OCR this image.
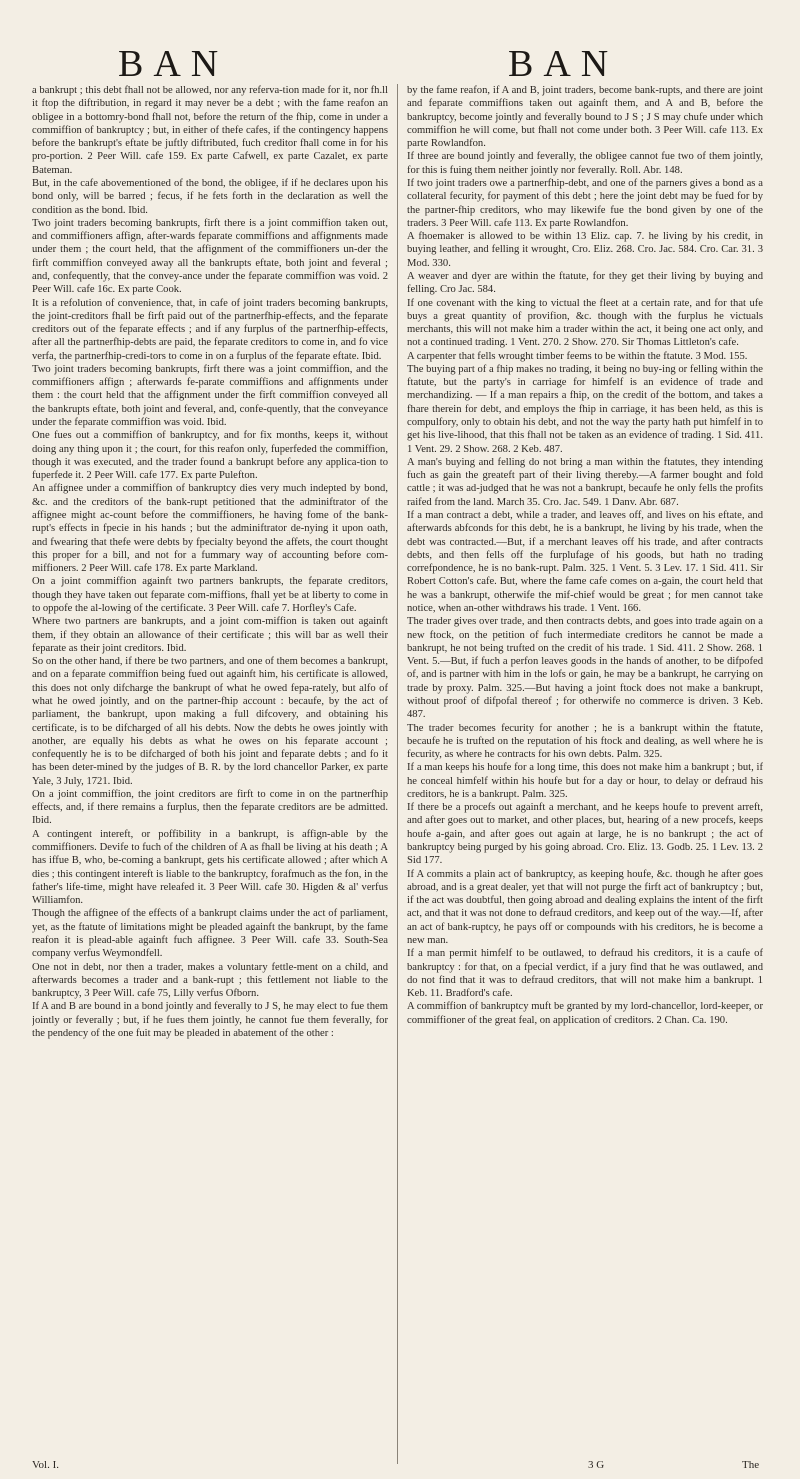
BAN	BAN

a bankrupt ; this debt fhall not be allowed, nor any referva-tion made for it, nor fh.ll it ftop the diftribution, in regard it may never be a debt ; with the fame reafon an obligee in a bottomry-bond fhall not, before the return of the fhip, come in under a commiffion of bankruptcy ; but, in either of thefe cafes, if the contingency happens before the bankrupt's eftate be juftly diftributed, fuch creditor fhall come in for his pro-portion. 2 Peer Will. cafe 159. Ex parte Cafwell, ex parte Cazalet, ex parte Bateman.

But, in the cafe abovementioned of the bond, the obligee, if if he declares upon his bond only, will be barred ; fecus, if he fets forth in the declaration as well the condition as the bond. Ibid.

Two joint traders becoming bankrupts, firft there is a joint commiffion taken out, and commiffioners affign, after-wards feparate commiffions and affignments made under them ; the court held, that the affignment of the commiffioners un-der the firft commiffion conveyed away all the bankrupts eftate, both joint and feveral ; and, confequently, that the convey-ance under the feparate commiffion was void. 2 Peer Will. cafe 16c. Ex parte Cook.

It is a refolution of convenience, that, in cafe of joint traders becoming bankrupts, the joint-creditors fhall be firft paid out of the partnerfhip-effects, and the feparate creditors out of the feparate effects ; and if any furplus of the partnerfhip-effects, after all the partnerfhip-debts are paid, the feparate creditors to come in, and fo vice verfa, the partnerfhip-credi-tors to come in on a furplus of the feparate eftate. Ibid.

Two joint traders becoming bankrupts, firft there was a joint commiffion, and the commiffioners affign ; afterwards fe-parate commiffions and affignments under them : the court held that the affignment under the firft commiffion conveyed all the bankrupts eftate, both joint and feveral, and, confe-quently, that the conveyance under the feparate commiffion was void. Ibid.

One fues out a commiffion of bankruptcy, and for fix months, keeps it, without doing any thing upon it ; the court, for this reafon only, fuperfeded the commiffion, though it was executed, and the trader found a bankrupt before any applica-tion to fuperfede it. 2 Peer Will. cafe 177. Ex parte Pulefton.

An affignee under a commiffion of bankruptcy dies very much indepted by bond, &c. and the creditors of the bank-rupt petitioned that the adminiftrator of the affignee might ac-count before the commiffioners, he having fome of the bank-rupt's effects in fpecie in his hands ; but the adminiftrator de-nying it upon oath, and fwearing that thefe were debts by fpecialty beyond the affets, the court thought this proper for a bill, and not for a fummary way of accounting before com-miffioners. 2 Peer Will. cafe 178. Ex parte Markland.

On a joint commiffion againft two partners bankrupts, the feparate creditors, though they have taken out feparate com-miffions, fhall yet be at liberty to come in to oppofe the al-lowing of the certificate. 3 Peer Will. cafe 7. Horfley's Cafe.

Where two partners are bankrupts, and a joint com-miffion is taken out againft them, if they obtain an allowance of their certificate ; this will bar as well their feparate as their joint creditors. Ibid.

So on the other hand, if there be two partners, and one of them becomes a bankrupt, and on a feparate commiffion being fued out againft him, his certificate is allowed, this does not only difcharge the bankrupt of what he owed fepa-rately, but alfo of what he owed jointly, and on the partner-fhip account : becaufe, by the act of parliament, the bankrupt, upon making a full difcovery, and obtaining his certificate, is to be difcharged of all his debts. Now the debts he owes jointly with another, are equally his debts as what he owes on his feparate account ; confequently he is to be difcharged of both his joint and feparate debts ; and fo it has been deter-mined by the judges of B. R. by the lord chancellor Parker, ex parte Yale, 3 July, 1721. Ibid.

On a joint commiffion, the joint creditors are firft to come in on the partnerfhip effects, and, if there remains a furplus, then the feparate creditors are be admitted. Ibid.

A contingent intereft, or poffibility in a bankrupt, is affign-able by the commiffioners. Devife to fuch of the children of A as fhall be living at his death ; A has iffue B, who, be-coming a bankrupt, gets his certificate allowed ; after which A dies ; this contingent intereft is liable to the bankruptcy, forafmuch as the fon, in the father's life-time, might have releafed it. 3 Peer Will. cafe 30. Higden & al' verfus Williamfon.

Though the affignee of the effects of a bankrupt claims under the act of parliament, yet, as the ftatute of limitations might be pleaded againft the bankrupt, by the fame reafon it is plead-able againft fuch affignee. 3 Peer Will. cafe 33. South-Sea company verfus Weymondfell.

One not in debt, nor then a trader, makes a voluntary fettle-ment on a child, and afterwards becomes a trader and a bank-rupt ; this fettlement not liable to the bankruptcy, 3 Peer Will. cafe 75, Lilly verfus Ofborn.

If A and B are bound in a bond jointly and feverally to J S, he may elect to fue them jointly or feverally ; but, if he fues them jointly, he cannot fue them feverally, for the pendency of the one fuit may be pleaded in abatement of the other :

by the fame reafon, if A and B, joint traders, become bank-rupts, and there are joint and feparate commiffions taken out againft them, and A and B, before the bankruptcy, become jointly and feverally bound to J S ; J S may chufe under which commiffion he will come, but fhall not come under both. 3 Peer Will. cafe 113. Ex parte Rowlandfon.

If three are bound jointly and feverally, the obligee cannot fue two of them jointly, for this is fuing them neither jointly nor feverally. Roll. Abr. 148.

If two joint traders owe a partnerfhip-debt, and one of the parners gives a bond as a collateral fecurity, for payment of this debt ; here the joint debt may be fued for by the partner-fhip creditors, who may likewife fue the bond given by one of the traders. 3 Peer Will. cafe 113. Ex parte Rowlandfon.

A fhoemaker is allowed to be within 13 Eliz. cap. 7. he living by his credit, in buying leather, and felling it wrought, Cro. Eliz. 268. Cro. Jac. 584. Cro. Car. 31. 3 Mod. 330.

A weaver and dyer are within the ftatute, for they get their living by buying and felling. Cro Jac. 584.

If one covenant with the king to victual the fleet at a certain rate, and for that ufe buys a great quantity of provifion, &c. though with the furplus he victuals merchants, this will not make him a trader within the act, it being one act only, and not a continued trading. 1 Vent. 270. 2 Show. 270. Sir Thomas Littleton's cafe.

A carpenter that fells wrought timber feems to be within the ftatute. 3 Mod. 155.

The buying part of a fhip makes no trading, it being no buy-ing or felling within the ftatute, but the party's in carriage for himfelf is an evidence of trade and merchandizing. — If a man repairs a fhip, on the credit of the bottom, and takes a fhare therein for debt, and employs the fhip in carriage, it has been held, as this is compulfory, only to obtain his debt, and not the way the party hath put himfelf in to get his live-lihood, that this fhall not be taken as an evidence of trading. 1 Sid. 411. 1 Vent. 29. 2 Show. 268. 2 Keb. 487.

A man's buying and felling do not bring a man within the ftatutes, they intending fuch as gain the greateft part of their living thereby.—A farmer bought and fold cattle ; it was ad-judged that he was not a bankrupt, becaufe he only fells the profits raifed from the land. March 35. Cro. Jac. 549. 1 Danv. Abr. 687.

If a man contract a debt, while a trader, and leaves off, and lives on his eftate, and afterwards abfconds for this debt, he is a bankrupt, he living by his trade, when the debt was contracted.—But, if a merchant leaves off his trade, and after contracts debts, and then fells off the furplufage of his goods, but hath no trading correfpondence, he is no bank-rupt. Palm. 325. 1 Vent. 5. 3 Lev. 17. 1 Sid. 411. Sir Robert Cotton's cafe. But, where the fame cafe comes on a-gain, the court held that he was a bankrupt, otherwife the mif-chief would be great ; for men cannot take notice, when an-other withdraws his trade. 1 Vent. 166.

The trader gives over trade, and then contracts debts, and goes into trade again on a new ftock, on the petition of fuch intermediate creditors he cannot be made a bankrupt, he not being trufted on the credit of his trade. 1 Sid. 411. 2 Show. 268. 1 Vent. 5.—But, if fuch a perfon leaves goods in the hands of another, to be difpofed of, and is partner with him in the lofs or gain, he may be a bankrupt, he carrying on trade by proxy. Palm. 325.—But having a joint ftock does not make a bankrupt, without proof of difpofal thereof ; for otherwife no commerce is driven. 3 Keb. 487.

The trader becomes fecurity for another ; he is a bankrupt within the ftatute, becaufe he is trufted on the reputation of his ftock and dealing, as well where he is fecurity, as where he contracts for his own debts. Palm. 325.

If a man keeps his houfe for a long time, this does not make him a bankrupt ; but, if he conceal himfelf within his houfe but for a day or hour, to delay or defraud his creditors, he is a bankrupt. Palm. 325.

If there be a procefs out againft a merchant, and he keeps houfe to prevent arreft, and after goes out to market, and other places, but, hearing of a new procefs, keeps houfe a-gain, and after goes out again at large, he is no bankrupt ; the act of bankruptcy being purged by his going abroad. Cro. Eliz. 13. Godb. 25. 1 Lev. 13. 2 Sid 177.

If A commits a plain act of bankruptcy, as keeping houfe, &c. though he after goes abroad, and is a great dealer, yet that will not purge the firft act of bankruptcy ; but, if the act was doubtful, then going abroad and dealing explains the intent of the firft act, and that it was not done to defraud creditors, and keep out of the way.—If, after an act of bank-ruptcy, he pays off or compounds with his creditors, he is become a new man.

If a man permit himfelf to be outlawed, to defraud his creditors, it is a caufe of bankruptcy : for that, on a fpecial verdict, if a jury find that he was outlawed, and do not find that it was to defraud creditors, that will not make him a bankrupt. 1 Keb. 11. Bradford's cafe.

A commiffion of bankruptcy muft be granted by my lord-chancellor, lord-keeper, or commiffioner of the great feal, on application of creditors. 2 Chan. Ca. 190.

Vol. I.	3 G	The
